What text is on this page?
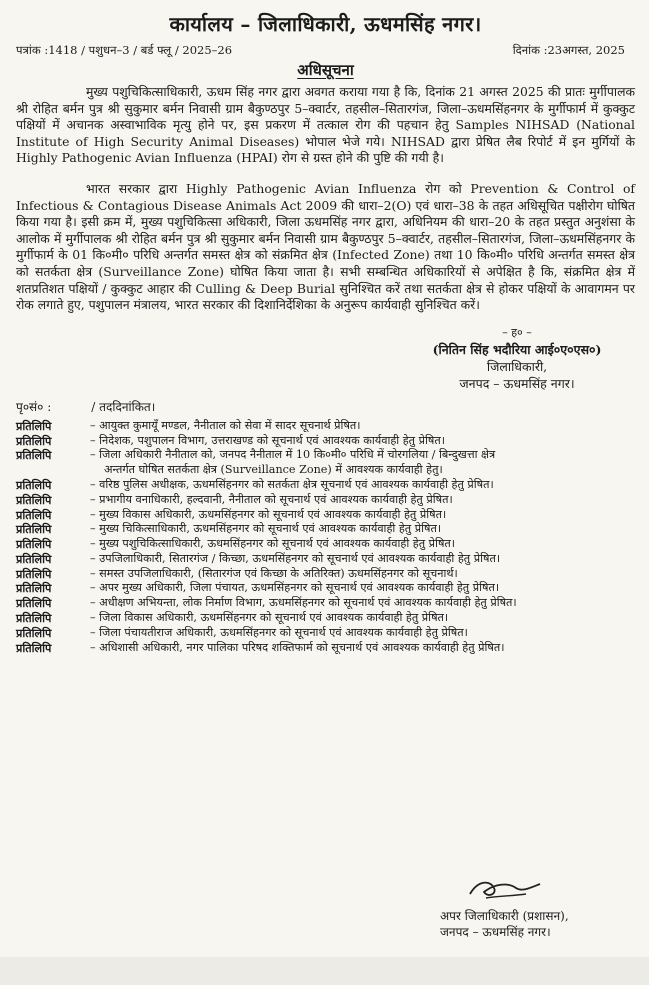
कार्यालय – जिलाधिकारी, ऊधमसिंह नगर।
पत्रांक :1418 / पशुधन–3 / बर्ड फ्लू / 2025–26	दिनांक :23अगस्त, 2025
अधिसूचना

मुख्य पशुचिकित्साधिकारी, ऊधम सिंह नगर द्वारा अवगत कराया गया है कि, दिनांक 21 अगस्त 2025 की प्रातः मुर्गीपालक श्री रोहित बर्मन पुत्र श्री सुकुमार बर्मन निवासी ग्राम बैकुण्ठपुर 5–क्वार्टर, तहसील–सितारगंज, जिला–ऊधमसिंहनगर के मुर्गीफार्म में कुक्कुट पक्षियों में अचानक अस्वाभाविक मृत्यु होने पर, इस प्रकरण में तत्काल रोग की पहचान हेतु Samples NIHSAD (National Institute of High Security Animal Diseases) भोपाल भेजे गये। NIHSAD द्वारा प्रेषित लैब रिपोर्ट में इन मुर्गियों के Highly Pathogenic Avian Influenza (HPAI) रोग से ग्रस्त होने की पुष्टि की गयी है।

भारत सरकार द्वारा Highly Pathogenic Avian Influenza रोग को Prevention & Control of Infectious & Contagious Disease Animals Act 2009 की धारा–2(O) एवं धारा–38 के तहत अधिसूचित पक्षीरोग घोषित किया गया है। इसी क्रम में, मुख्य पशुचिकित्सा अधिकारी, जिला ऊधमसिंह नगर द्वारा, अधिनियम की धारा–20 के तहत प्रस्तुत अनुशंसा के आलोक में मुर्गीपालक श्री रोहित बर्मन पुत्र श्री सुकुमार बर्मन निवासी ग्राम बैकुण्ठपुर 5–क्वार्टर, तहसील–सितारगंज, जिला–ऊधमसिंहनगर के मुर्गीफार्म के 01 कि०मी० परिधि अन्तर्गत समस्त क्षेत्र को संक्रमित क्षेत्र (Infected Zone) तथा 10 कि०मी० परिधि अन्तर्गत समस्त क्षेत्र को सतर्कता क्षेत्र (Surveillance Zone) घोषित किया जाता है। सभी सम्बन्धित अधिकारियों से अपेक्षित है कि, संक्रमित क्षेत्र में शतप्रतिशत पक्षियों / कुक्कुट आहार की Culling & Deep Burial सुनिश्चित करें तथा सतर्कता क्षेत्र से होकर पक्षियों के आवागमन पर रोक लगाते हुए, पशुपालन मंत्रालय, भारत सरकार की दिशानिर्देशिका के अनुरूप कार्यवाही सुनिश्चित करें।

– ह० –
(नितिन सिंह भदौरिया आई०ए०एस०)
जिलाधिकारी,
जनपद – ऊधमसिंह नगर।
पृ०सं० :	/ तददिनांकित।
प्रतिलिपि	– आयुक्त कुमायूँ मण्डल, नैनीताल को सेवा में सादर सूचनार्थ प्रेषित।
प्रतिलिपि	– निदेशक, पशुपालन विभाग, उत्तराखण्ड को सूचनार्थ एवं आवश्यक कार्यवाही हेतु प्रेषित।
प्रतिलिपि	– जिला अधिकारी नैनीताल को, जनपद नैनीताल में 10 कि०मी० परिधि में चोरगलिया / बिन्दुखत्ता क्षेत्र
अन्तर्गत घोषित सतर्कता क्षेत्र (Surveillance Zone) में आवश्यक कार्यवाही हेतु।
प्रतिलिपि	– वरिष्ठ पुलिस अधीक्षक, ऊधमसिंहनगर को सतर्कता क्षेत्र सूचनार्थ एवं आवश्यक कार्यवाही हेतु प्रेषित।
प्रतिलिपि	– प्रभागीय वनाधिकारी, हल्दवानी, नैनीताल को सूचनार्थ एवं आवश्यक कार्यवाही हेतु प्रेषित।
प्रतिलिपि	– मुख्य विकास अधिकारी, ऊधमसिंहनगर को सूचनार्थ एवं आवश्यक कार्यवाही हेतु प्रेषित।
प्रतिलिपि	– मुख्य चिकित्साधिकारी, ऊधमसिंहनगर को सूचनार्थ एवं आवश्यक कार्यवाही हेतु प्रेषित।
प्रतिलिपि	– मुख्य पशुचिकित्साधिकारी, ऊधमसिंहनगर को सूचनार्थ एवं आवश्यक कार्यवाही हेतु प्रेषित।
प्रतिलिपि	– उपजिलाधिकारी, सितारगंज / किच्छा, ऊधमसिंहनगर को सूचनार्थ एवं आवश्यक कार्यवाही हेतु प्रेषित।
प्रतिलिपि	– समस्त उपजिलाधिकारी, (सितारगंज एवं किच्छा के अतिरिक्त) ऊधमसिंहनगर को सूचनार्थ।
प्रतिलिपि	– अपर मुख्य अधिकारी, जिला पंचायत, ऊधमसिंहनगर को सूचनार्थ एवं आवश्यक कार्यवाही हेतु प्रेषित।
प्रतिलिपि	– अधीक्षण अभियन्ता, लोक निर्माण विभाग, ऊधमसिंहनगर को सूचनार्थ एवं आवश्यक कार्यवाही हेतु प्रेषित।
प्रतिलिपि	– जिला विकास अधिकारी, ऊधमसिंहनगर को सूचनार्थ एवं आवश्यक कार्यवाही हेतु प्रेषित।
प्रतिलिपि	– जिला पंचायतीराज अधिकारी, ऊधमसिंहनगर को सूचनार्थ एवं आवश्यक कार्यवाही हेतु प्रेषित।
प्रतिलिपि	– अधिशासी अधिकारी, नगर पालिका परिषद शक्तिफार्म को सूचनार्थ एवं आवश्यक कार्यवाही हेतु प्रेषित।
अपर जिलाधिकारी (प्रशासन),
जनपद – ऊधमसिंह नगर।
